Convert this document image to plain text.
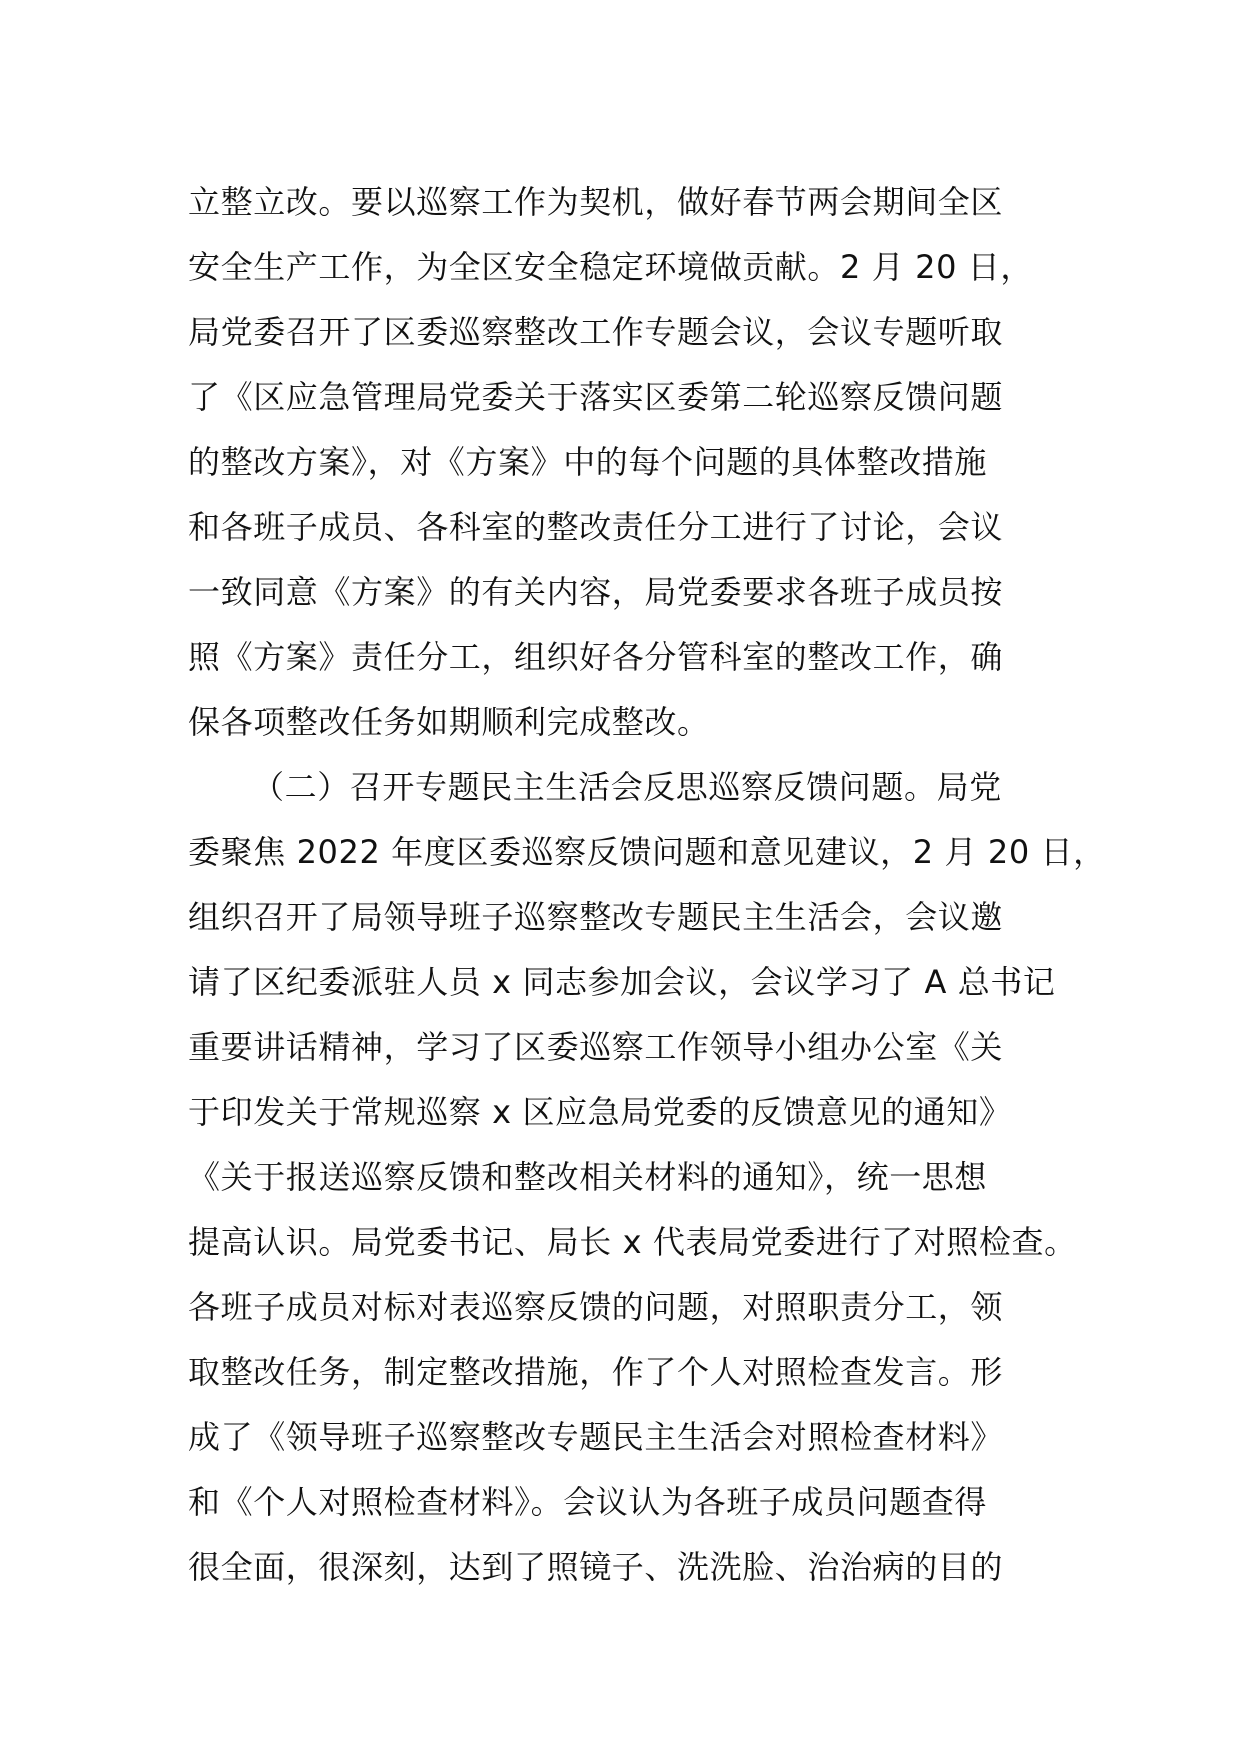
立整立改。要以巡察工作为契机，做好春节两会期间全区
安全生产工作，为全区安全稳定环境做贡献。2 月 20 日，
局党委召开了区委巡察整改工作专题会议，会议专题听取
了《区应急管理局党委关于落实区委第二轮巡察反馈问题
的整改方案》，对《方案》中的每个问题的具体整改措施
和各班子成员、各科室的整改责任分工进行了讨论，会议
一致同意《方案》的有关内容，局党委要求各班子成员按
照《方案》责任分工，组织好各分管科室的整改工作，确
保各项整改任务如期顺利完成整改。
（二）召开专题民主生活会反思巡察反馈问题。局党
委聚焦 2022 年度区委巡察反馈问题和意见建议，2 月 20 日，
组织召开了局领导班子巡察整改专题民主生活会，会议邀
请了区纪委派驻人员 x 同志参加会议，会议学习了 A 总书记
重要讲话精神，学习了区委巡察工作领导小组办公室《关
于印发关于常规巡察 x 区应急局党委的反馈意见的通知》
《关于报送巡察反馈和整改相关材料的通知》，统一思想
提高认识。局党委书记、局长 x 代表局党委进行了对照检查。
各班子成员对标对表巡察反馈的问题，对照职责分工，领
取整改任务，制定整改措施，作了个人对照检查发言。形
成了《领导班子巡察整改专题民主生活会对照检查材料》
和《个人对照检查材料》。会议认为各班子成员问题查得
很全面，很深刻，达到了照镜子、洗洗脸、治治病的目的
